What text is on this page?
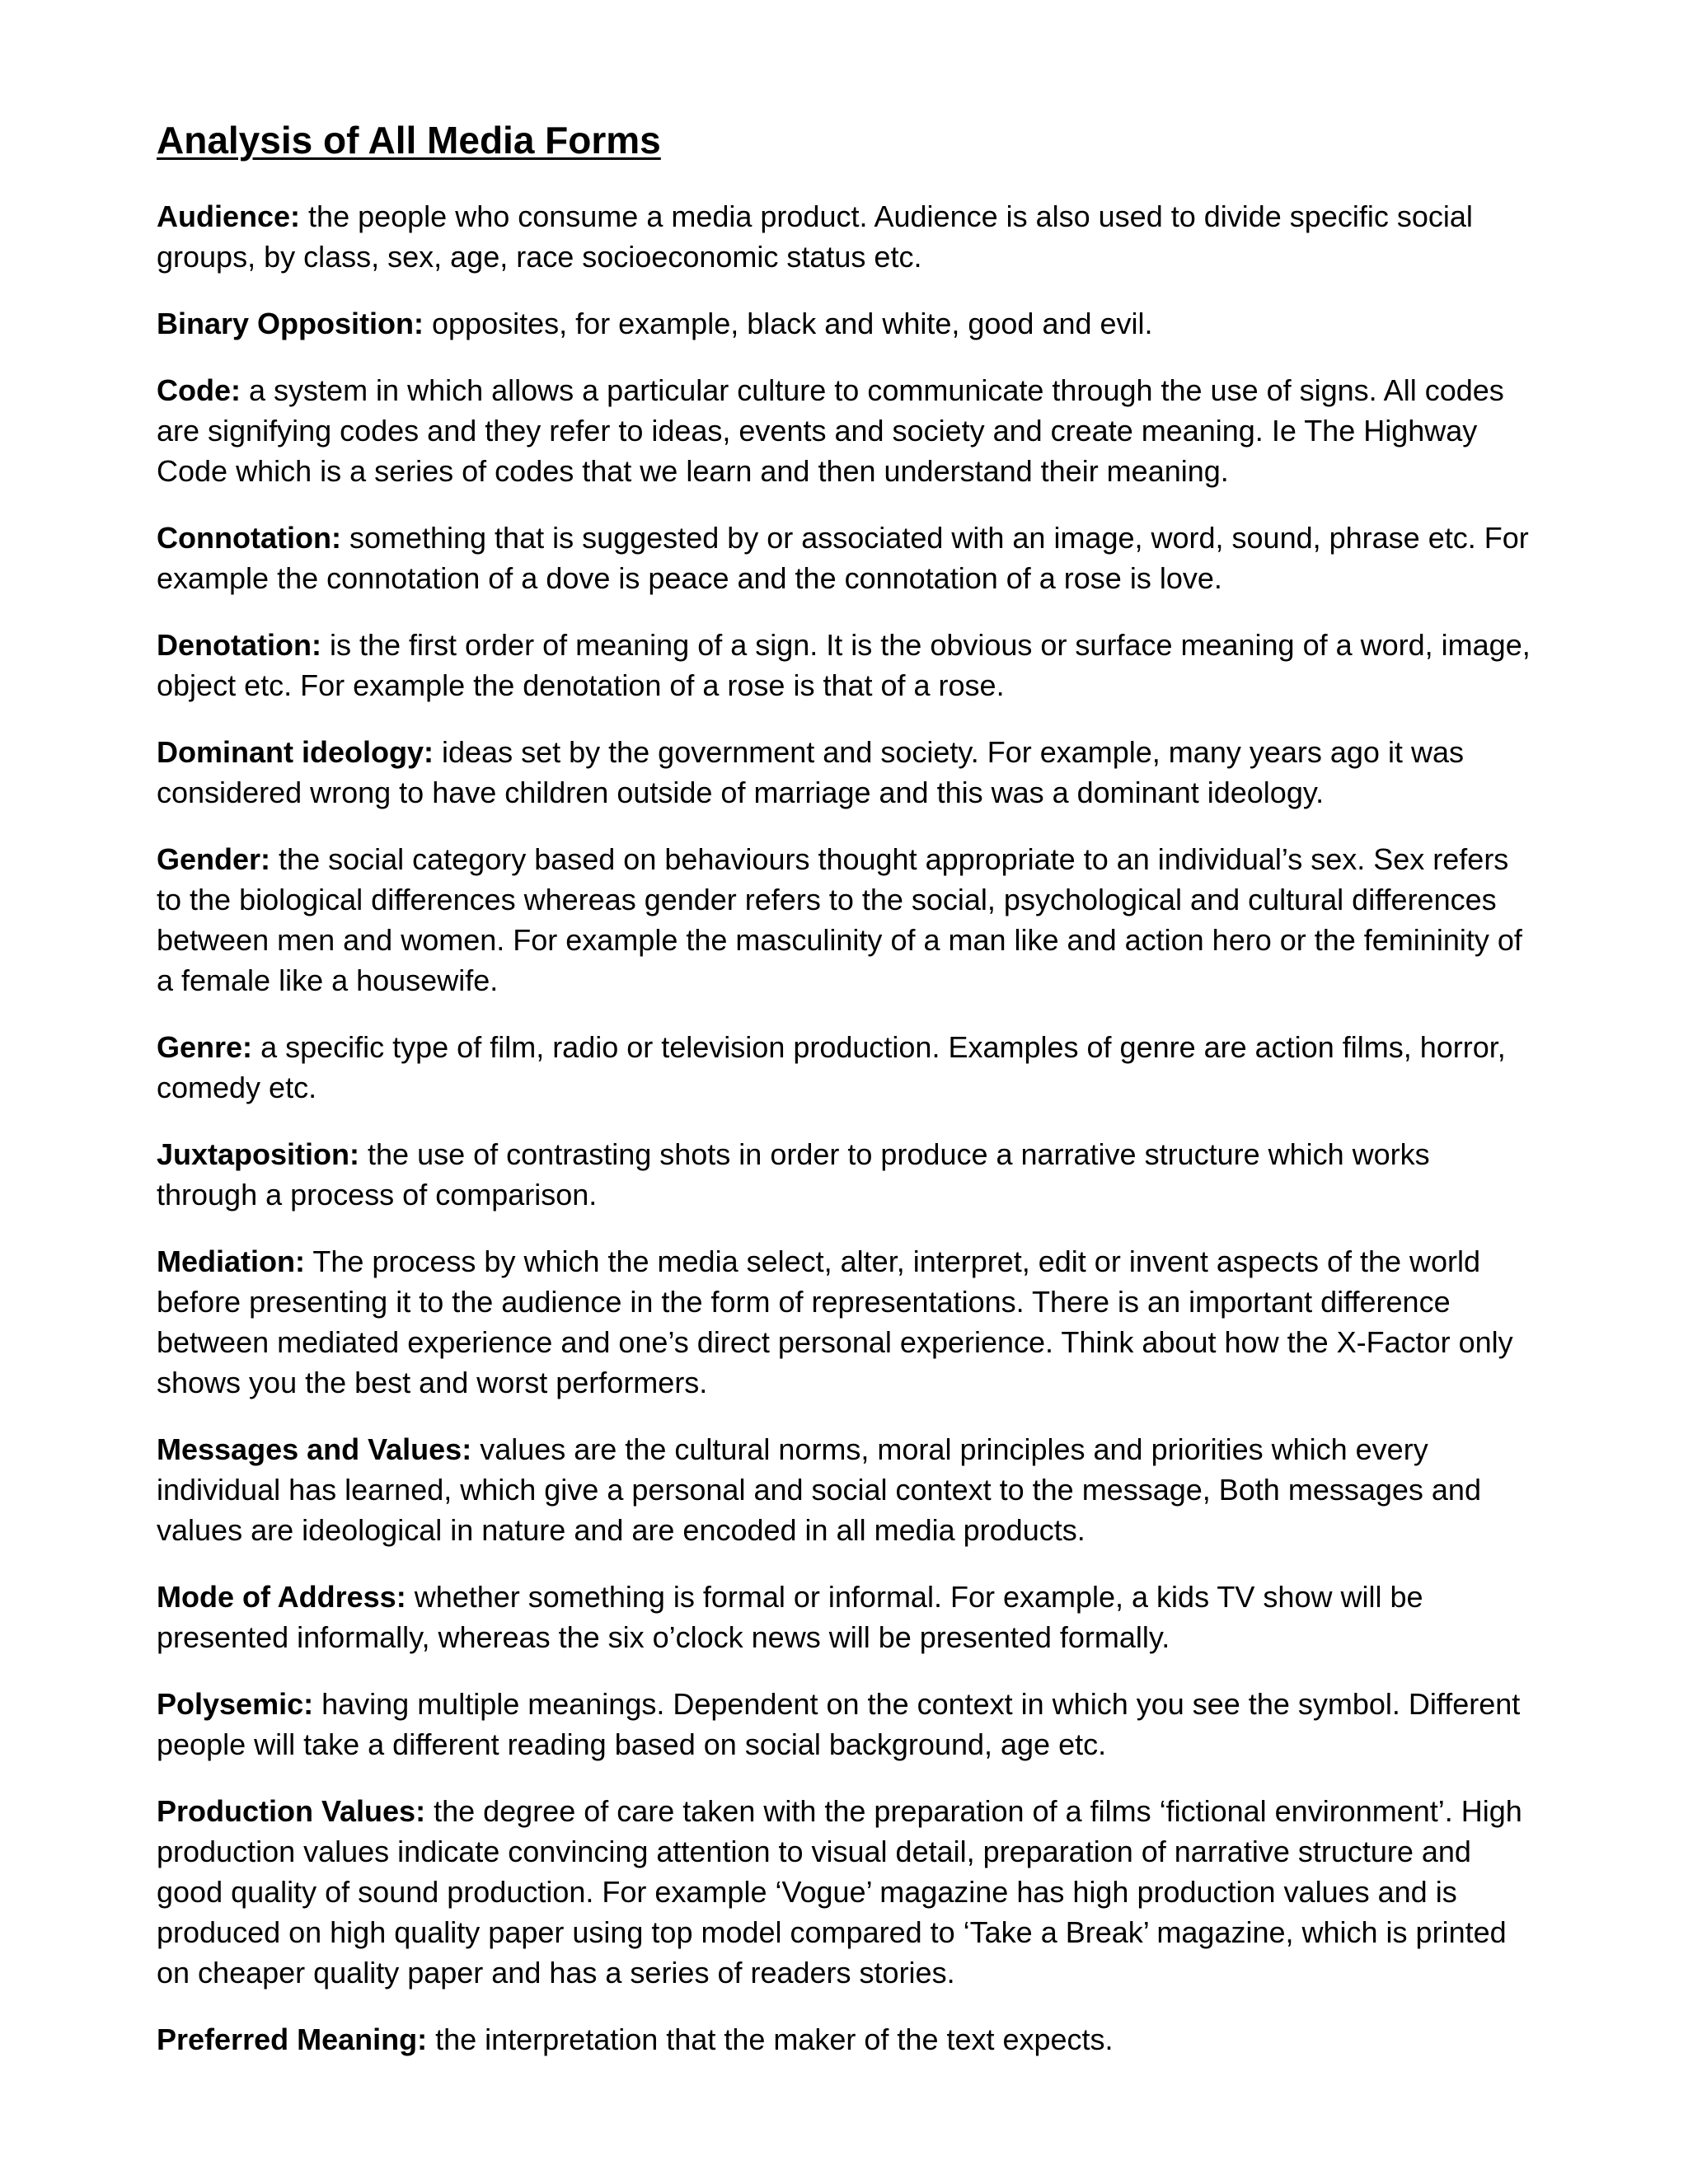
Analysis of All Media Forms

Audience: the people who consume a media product. Audience is also used to divide specific social groups, by class, sex, age, race socioeconomic status etc.

Binary Opposition: opposites, for example, black and white, good and evil.

Code: a system in which allows a particular culture to communicate through the use of signs. All codes are signifying codes and they refer to ideas, events and society and create meaning. Ie The Highway Code which is a series of codes that we learn and then understand their meaning.

Connotation: something that is suggested by or associated with an image, word, sound, phrase etc. For example the connotation of a dove is peace and the connotation of a rose is love.

Denotation: is the first order of meaning of a sign. It is the obvious or surface meaning of a word, image, object etc. For example the denotation of a rose is that of a rose.

Dominant ideology: ideas set by the government and society. For example, many years ago it was considered wrong to have children outside of marriage and this was a dominant ideology.

Gender: the social category based on behaviours thought appropriate to an individual’s sex. Sex refers to the biological differences whereas gender refers to the social, psychological and cultural differences between men and women. For example the masculinity of a man like and action hero or the femininity of a female like a housewife.

Genre: a specific type of film, radio or television production. Examples of genre are action films, horror, comedy etc.

Juxtaposition: the use of contrasting shots in order to produce a narrative structure which works through a process of comparison.

Mediation: The process by which the media select, alter, interpret, edit or invent aspects of the world before presenting it to the audience in the form of representations. There is an important difference between mediated experience and one’s direct personal experience. Think about how the X-Factor only shows you the best and worst performers.

Messages and Values: values are the cultural norms, moral principles and priorities which every individual has learned, which give a personal and social context to the message, Both messages and values are ideological in nature and are encoded in all media products.

Mode of Address: whether something is formal or informal. For example, a kids TV show will be presented informally, whereas the six o’clock news will be presented formally.

Polysemic: having multiple meanings. Dependent on the context in which you see the symbol. Different people will take a different reading based on social background, age etc.

Production Values: the degree of care taken with the preparation of a films ‘fictional environment’. High production values indicate convincing attention to visual detail, preparation of narrative structure and good quality of sound production. For example ‘Vogue’ magazine has high production values and is produced on high quality paper using top model compared to ‘Take a Break’ magazine, which is printed on cheaper quality paper and has a series of readers stories.

Preferred Meaning: the interpretation that the maker of the text expects.
